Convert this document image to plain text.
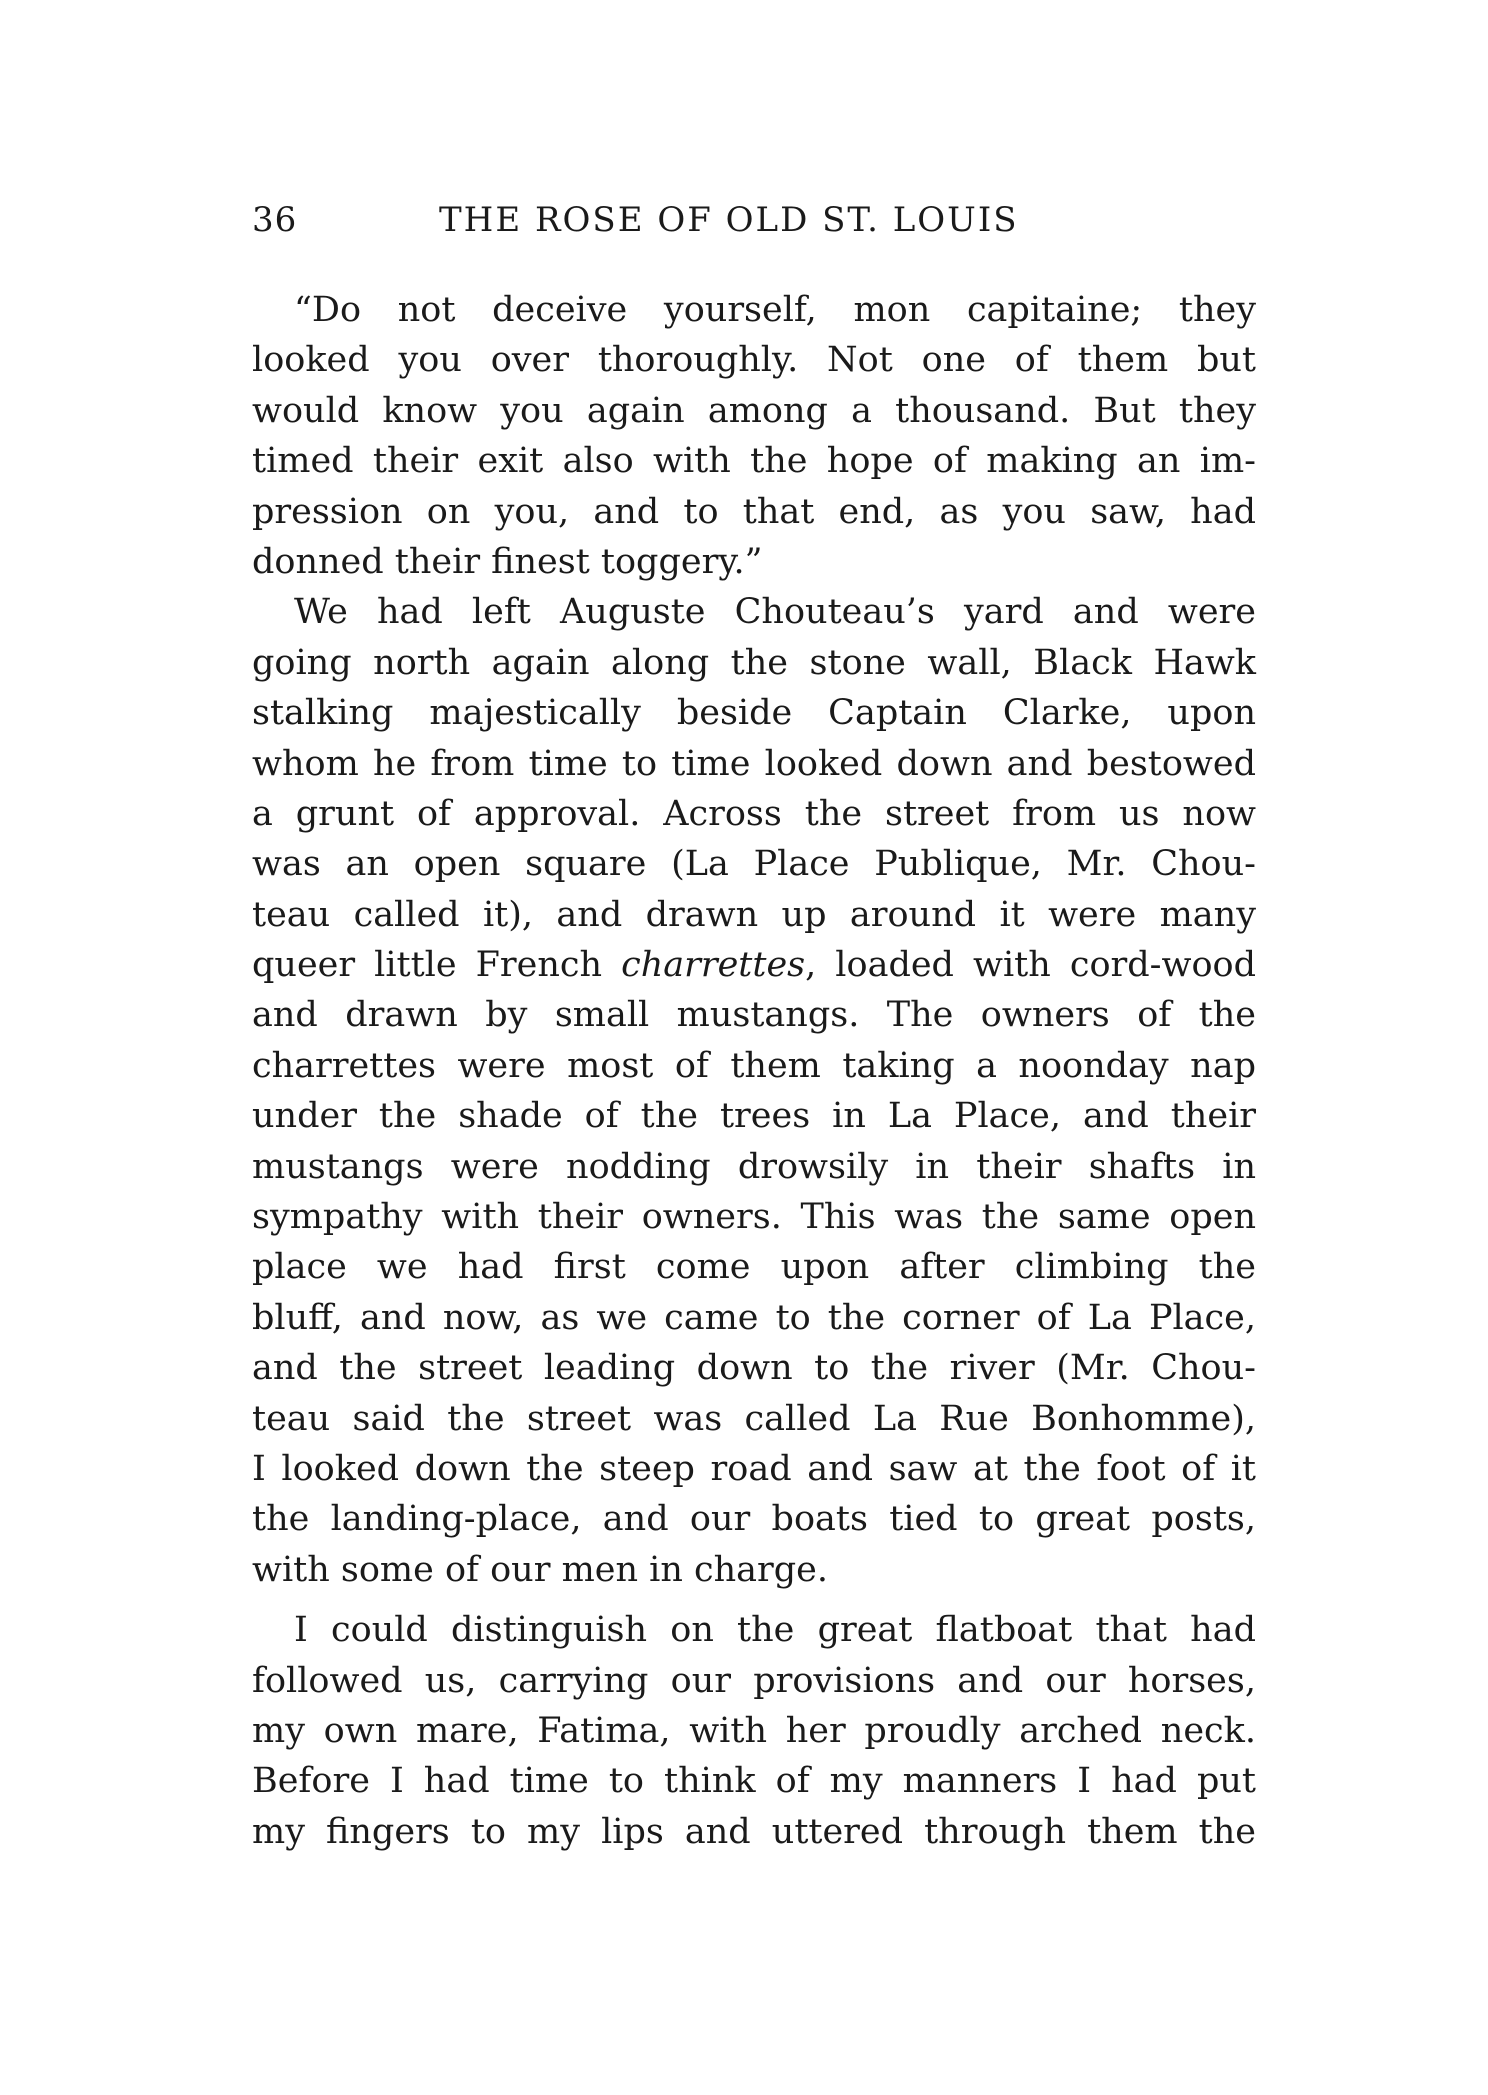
36	THE ROSE OF OLD ST. LOUIS
“Do not deceive yourself, mon capitaine; they
looked you over thoroughly. Not one of them but
would know you again among a thousand. But they
timed their exit also with the hope of making an im-
pression on you, and to that end, as you saw, had
donned their finest toggery.”
We had left Auguste Chouteau’s yard and were
going north again along the stone wall, Black Hawk
stalking majestically beside Captain Clarke, upon
whom he from time to time looked down and bestowed
a grunt of approval. Across the street from us now
was an open square (La Place Publique, Mr. Chou-
teau called it), and drawn up around it were many
queer little French charrettes, loaded with cord-wood
and drawn by small mustangs. The owners of the
charrettes were most of them taking a noonday nap
under the shade of the trees in La Place, and their
mustangs were nodding drowsily in their shafts in
sympathy with their owners. This was the same open
place we had first come upon after climbing the
bluff, and now, as we came to the corner of La Place,
and the street leading down to the river (Mr. Chou-
teau said the street was called La Rue Bonhomme),
I looked down the steep road and saw at the foot of it
the landing-place, and our boats tied to great posts,
with some of our men in charge.
I could distinguish on the great flatboat that had
followed us, carrying our provisions and our horses,
my own mare, Fatima, with her proudly arched neck.
Before I had time to think of my manners I had put
my fingers to my lips and uttered through them the
